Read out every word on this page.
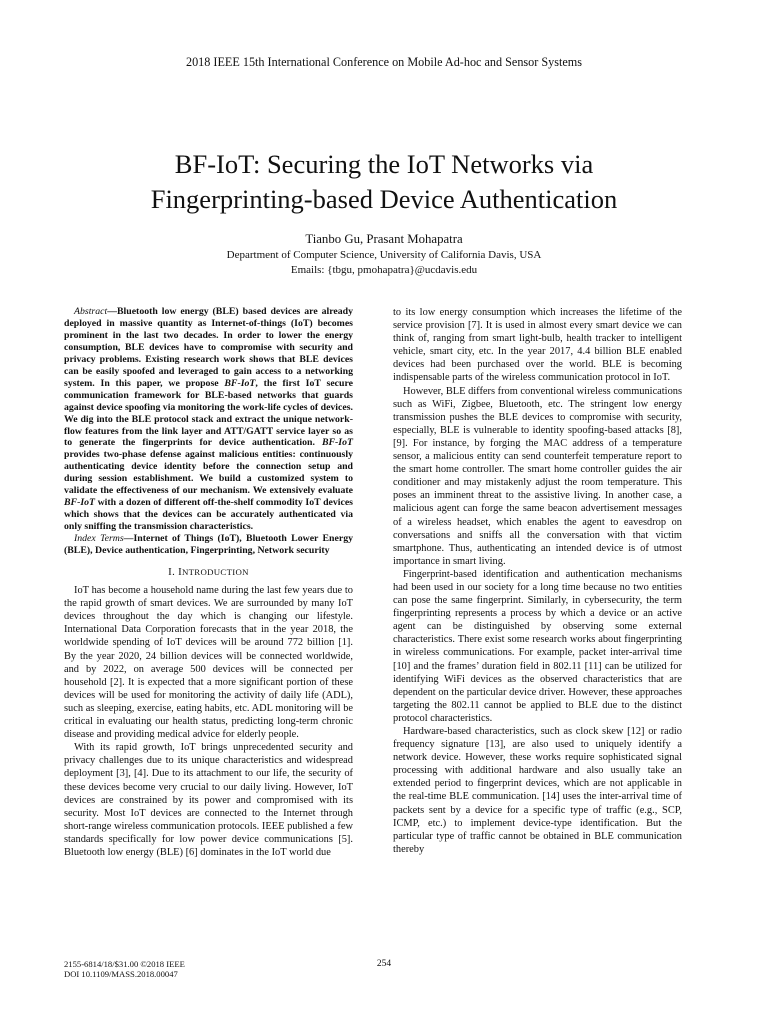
2018 IEEE 15th International Conference on Mobile Ad-hoc and Sensor Systems
BF-IoT: Securing the IoT Networks via
Fingerprinting-based Device Authentication
Tianbo Gu, Prasant Mohapatra
Department of Computer Science, University of California Davis, USA
Emails: {tbgu, pmohapatra}@ucdavis.edu

Abstract—Bluetooth low energy (BLE) based devices are already deployed in massive quantity as Internet-of-things (IoT) becomes prominent in the last two decades. In order to lower the energy consumption, BLE devices have to compromise with security and privacy problems. Existing research work shows that BLE devices can be easily spoofed and leveraged to gain access to a networking system. In this paper, we propose BF-IoT, the first IoT secure communication framework for BLE-based networks that guards against device spoofing via monitoring the work-life cycles of devices. We dig into the BLE protocol stack and extract the unique network-flow features from the link layer and ATT/GATT service layer so as to generate the fingerprints for device authentication. BF-IoT provides two-phase defense against malicious entities: continuously authenticating device identity before the connection setup and during session establishment. We build a customized system to validate the effectiveness of our mechanism. We extensively evaluate BF-IoT with a dozen of different off-the-shelf commodity IoT devices which shows that the devices can be accurately authenticated via only sniffing the transmission characteristics.

Index Terms—Internet of Things (IoT), Bluetooth Lower Energy (BLE), Device authentication, Fingerprinting, Network security

I. INTRODUCTION

IoT has become a household name during the last few years due to the rapid growth of smart devices. We are surrounded by many IoT devices throughout the day which is changing our lifestyle. International Data Corporation forecasts that in the year 2018, the worldwide spending of IoT devices will be around 772 billion [1]. By the year 2020, 24 billion devices will be connected worldwide, and by 2022, on average 500 devices will be connected per household [2]. It is expected that a more significant portion of these devices will be used for monitoring the activity of daily life (ADL), such as sleeping, exercise, eating habits, etc. ADL monitoring will be critical in evaluating our health status, predicting long-term chronic disease and providing medical advice for elderly people.

With its rapid growth, IoT brings unprecedented security and privacy challenges due to its unique characteristics and widespread deployment [3], [4]. Due to its attachment to our life, the security of these devices become very crucial to our daily living. However, IoT devices are constrained by its power and compromised with its security. Most IoT devices are connected to the Internet through short-range wireless communication protocols. IEEE published a few standards specifically for low power device communications [5]. Bluetooth low energy (BLE) [6] dominates in the IoT world due

to its low energy consumption which increases the lifetime of the service provision [7]. It is used in almost every smart device we can think of, ranging from smart light-bulb, health tracker to intelligent vehicle, smart city, etc. In the year 2017, 4.4 billion BLE enabled devices had been purchased over the world. BLE is becoming indispensable parts of the wireless communication protocol in IoT.

However, BLE differs from conventional wireless communications such as WiFi, Zigbee, Bluetooth, etc. The stringent low energy transmission pushes the BLE devices to compromise with security, especially, BLE is vulnerable to identity spoofing-based attacks [8], [9]. For instance, by forging the MAC address of a temperature sensor, a malicious entity can send counterfeit temperature report to the smart home controller. The smart home controller guides the air conditioner and may mistakenly adjust the room temperature. This poses an imminent threat to the assistive living. In another case, a malicious agent can forge the same beacon advertisement messages of a wireless headset, which enables the agent to eavesdrop on conversations and sniffs all the conversation with that victim smartphone. Thus, authenticating an intended device is of utmost importance in smart living.

Fingerprint-based identification and authentication mechanisms had been used in our society for a long time because no two entities can pose the same fingerprint. Similarly, in cybersecurity, the term fingerprinting represents a process by which a device or an active agent can be distinguished by observing some external characteristics. There exist some research works about fingerprinting in wireless communications. For example, packet inter-arrival time [10] and the frames’ duration field in 802.11 [11] can be utilized for identifying WiFi devices as the observed characteristics that are dependent on the particular device driver. However, these approaches targeting the 802.11 cannot be applied to BLE due to the distinct protocol characteristics.

Hardware-based characteristics, such as clock skew [12] or radio frequency signature [13], are also used to uniquely identify a network device. However, these works require sophisticated signal processing with additional hardware and also usually take an extended period to fingerprint devices, which are not applicable in the real-time BLE communication. [14] uses the inter-arrival time of packets sent by a device for a specific type of traffic (e.g., SCP, ICMP, etc.) to implement device-type identification. But the particular type of traffic cannot be obtained in BLE communication thereby

2155-6814/18/$31.00 ©2018 IEEE
DOI 10.1109/MASS.2018.00047
254
